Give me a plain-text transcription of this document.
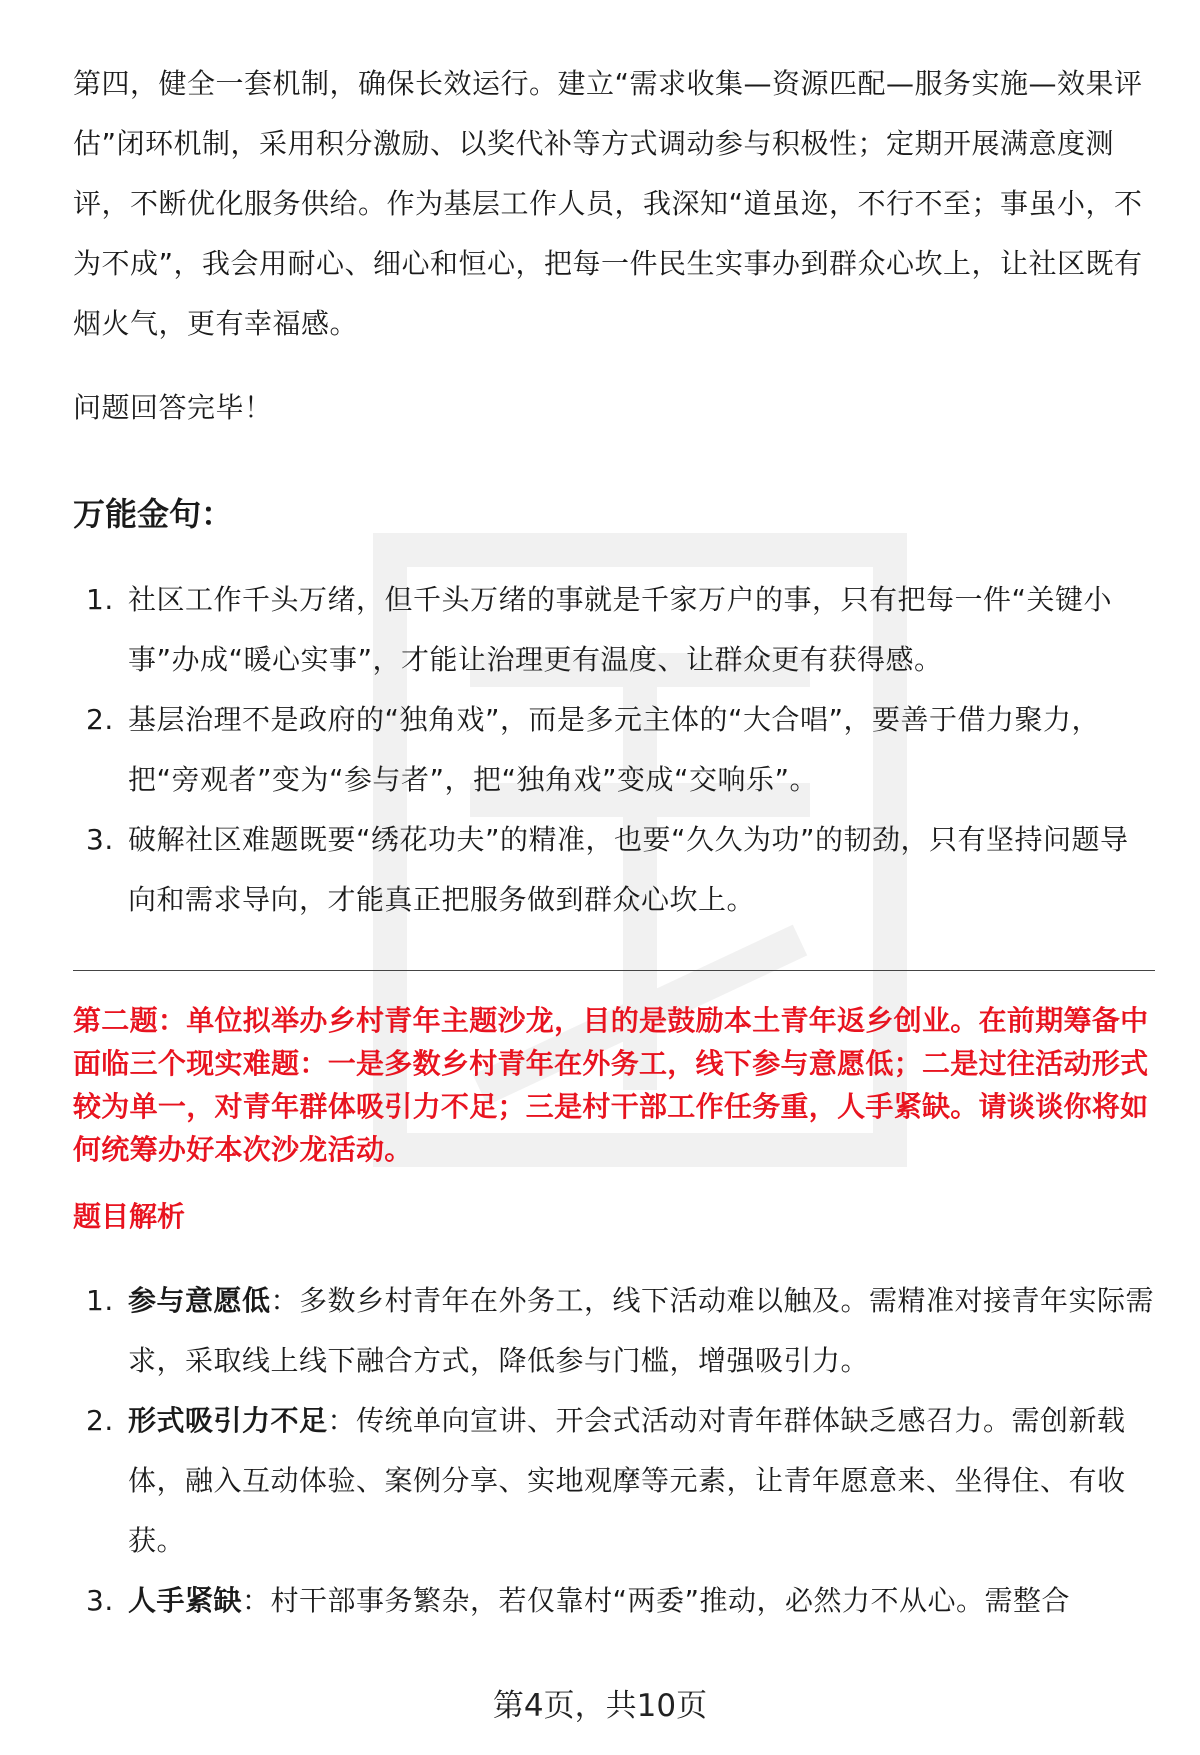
第四，健全一套机制，确保长效运行。建立“需求收集—资源匹配—服务实施—效果评估”闭环机制，采用积分激励、以奖代补等方式调动参与积极性；定期开展满意度测评，不断优化服务供给。作为基层工作人员，我深知“道虽迩，不行不至；事虽小，不为不成”，我会用耐心、细心和恒心，把每一件民生实事办到群众心坎上，让社区既有烟火气，更有幸福感。

问题回答完毕！

万能金句：
1. 社区工作千头万绪，但千头万绪的事就是千家万户的事，只有把每一件“关键小事”办成“暖心实事”，才能让治理更有温度、让群众更有获得感。
2. 基层治理不是政府的“独角戏”，而是多元主体的“大合唱”，要善于借力聚力，把“旁观者”变为“参与者”，把“独角戏”变成“交响乐”。
3. 破解社区难题既要“绣花功夫”的精准，也要“久久为功”的韧劲，只有坚持问题导向和需求导向，才能真正把服务做到群众心坎上。

第二题：单位拟举办乡村青年主题沙龙，目的是鼓励本土青年返乡创业。在前期筹备中面临三个现实难题：一是多数乡村青年在外务工，线下参与意愿低；二是过往活动形式较为单一，对青年群体吸引力不足；三是村干部工作任务重，人手紧缺。请谈谈你将如何统筹办好本次沙龙活动。

题目解析

1. 参与意愿低：多数乡村青年在外务工，线下活动难以触及。需精准对接青年实际需求，采取线上线下融合方式，降低参与门槛，增强吸引力。
2. 形式吸引力不足：传统单向宣讲、开会式活动对青年群体缺乏感召力。需创新载体，融入互动体验、案例分享、实地观摩等元素，让青年愿意来、坐得住、有收获。
3. 人手紧缺：村干部事务繁杂，若仅靠村“两委”推动，必然力不从心。需整合
第4页，共10页
